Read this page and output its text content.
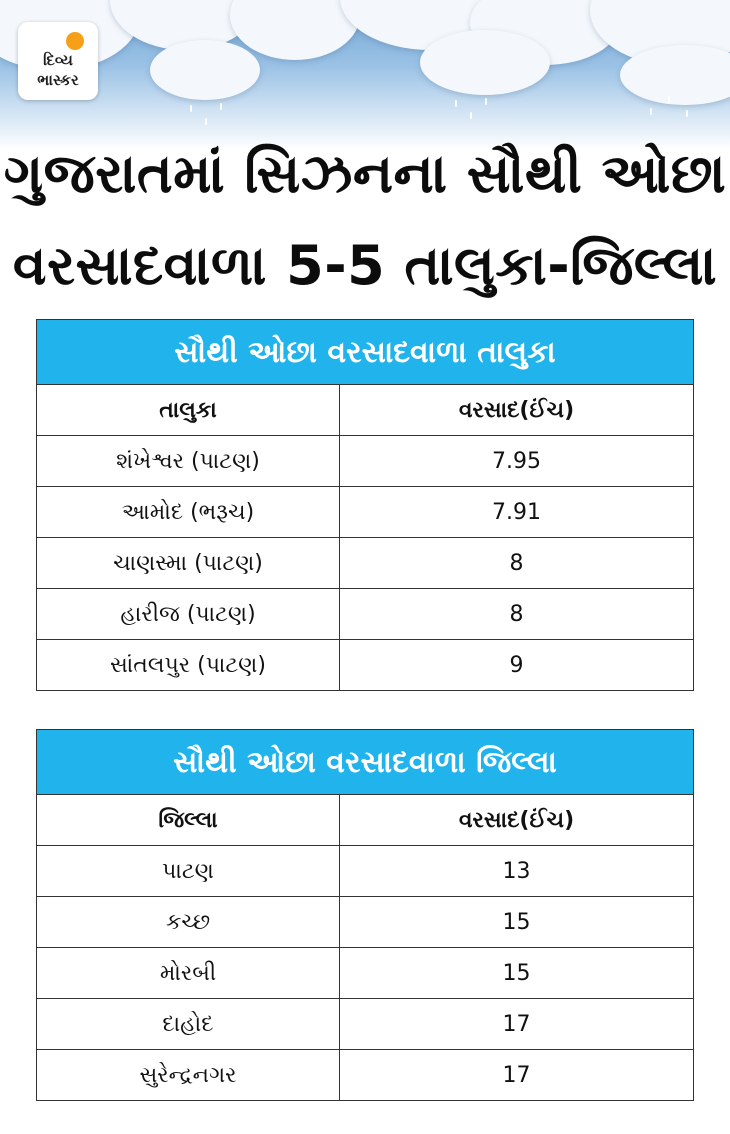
દિવ્ય
ભાસ્કર
ગુજરાતમાં સિઝનના સૌથી ઓછા
વરસાદવાળા 5-5 તાલુકા-જિલ્લા
સૌથી ઓછા વરસાદવાળા તાલુકા	
તાલુકા	વરસાદ(ઈંચ)
શંખેશ્વર (પાટણ)	7.95
આમોદ (ભરૂચ)	7.91
ચાણસ્મા (પાટણ)	8
હારીજ (પાટણ)	8
સાંતલપુર (પાટણ)	9
સૌથી ઓછા વરસાદવાળા જિલ્લા	
જિલ્લા	વરસાદ(ઈંચ)
પાટણ	13
કચ્છ	15
મોરબી	15
દાહોદ	17
સુરેન્દ્રનગર	17
